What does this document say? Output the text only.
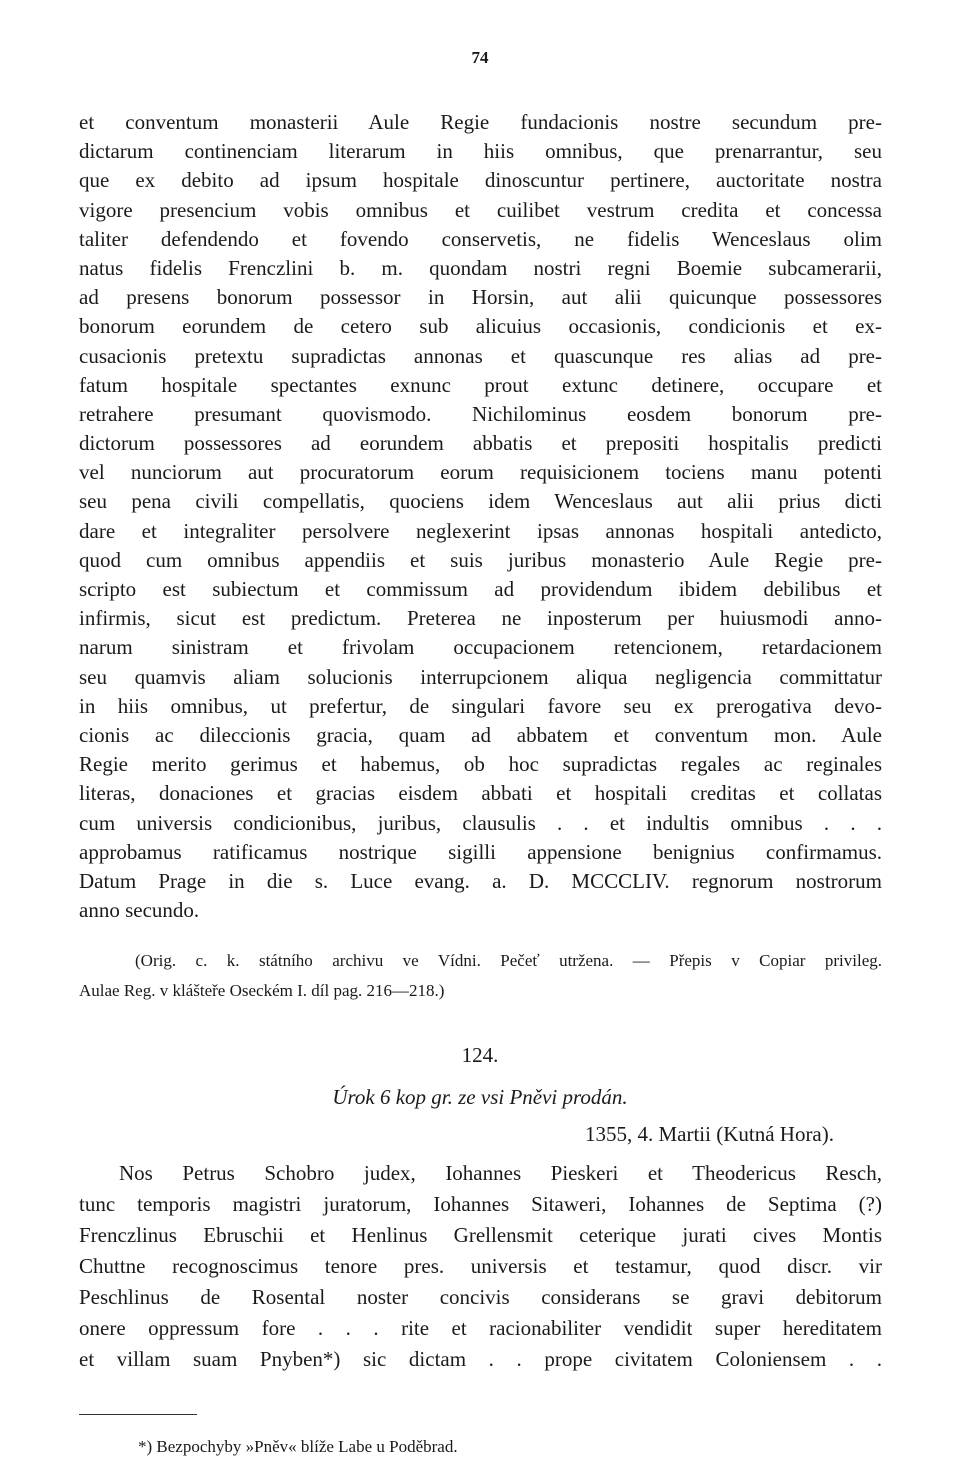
74
et conventum monasterii Aule Regie fundacionis nostre secundum pre-
dictarum continenciam literarum in hiis omnibus, que prenarrantur, seu
que ex debito ad ipsum hospitale dinoscuntur pertinere, auctoritate nostra
vigore presencium vobis omnibus et cuilibet vestrum credita et concessa
taliter defendendo et fovendo conservetis, ne fidelis Wenceslaus olim
natus fidelis Frenczlini b. m. quondam nostri regni Boemie subcamerarii,
ad presens bonorum possessor in Horsin, aut alii quicunque possessores
bonorum eorundem de cetero sub alicuius occasionis, condicionis et ex-
cusacionis pretextu supradictas annonas et quascunque res alias ad pre-
fatum hospitale spectantes exnunc prout extunc detinere, occupare et
retrahere presumant quovismodo. Nichilominus eosdem bonorum pre-
dictorum possessores ad eorundem abbatis et prepositi hospitalis predicti
vel nunciorum aut procuratorum eorum requisicionem tociens manu potenti
seu pena civili compellatis, quociens idem Wenceslaus aut alii prius dicti
dare et integraliter persolvere neglexerint ipsas annonas hospitali antedicto,
quod cum omnibus appendiis et suis juribus monasterio Aule Regie pre-
scripto est subiectum et commissum ad providendum ibidem debilibus et
infirmis, sicut est predictum. Preterea ne inposterum per huiusmodi anno-
narum sinistram et frivolam occupacionem retencionem, retardacionem
seu quamvis aliam solucionis interrupcionem aliqua negligencia committatur
in hiis omnibus, ut prefertur, de singulari favore seu ex prerogativa devo-
cionis ac dileccionis gracia, quam ad abbatem et conventum mon. Aule
Regie merito gerimus et habemus, ob hoc supradictas regales ac reginales
literas, donaciones et gracias eisdem abbati et hospitali creditas et collatas
cum universis condicionibus, juribus, clausulis . . et indultis omnibus . . .
approbamus ratificamus nostrique sigilli appensione benignius confirmamus.
Datum Prage in die s. Luce evang. a. D. MCCCLIV. regnorum nostrorum
anno secundo.
(Orig. c. k. státního archivu ve Vídni. Pečeť utržena. — Přepis v Copiar privileg.
Aulae Reg. v klášteře Oseckém I. díl pag. 216—218.)
124.
Úrok 6 kop gr. ze vsi Pněvi prodán.
1355, 4. Martii (Kutná Hora).
Nos Petrus Schobro judex, Iohannes Pieskeri et Theodericus Resch,
tunc temporis magistri juratorum, Iohannes Sitaweri, Iohannes de Septima (?)
Frenczlinus Ebruschii et Henlinus Grellensmit ceterique jurati cives Montis
Chuttne recognoscimus tenore pres. universis et testamur, quod discr. vir
Peschlinus de Rosental noster concivis considerans se gravi debitorum
onere oppressum fore . . . rite et racionabiliter vendidit super hereditatem
et villam suam Pnyben*) sic dictam . . prope civitatem Coloniensem . .
*) Bezpochyby »Pněv« blíže Labe u Poděbrad.
